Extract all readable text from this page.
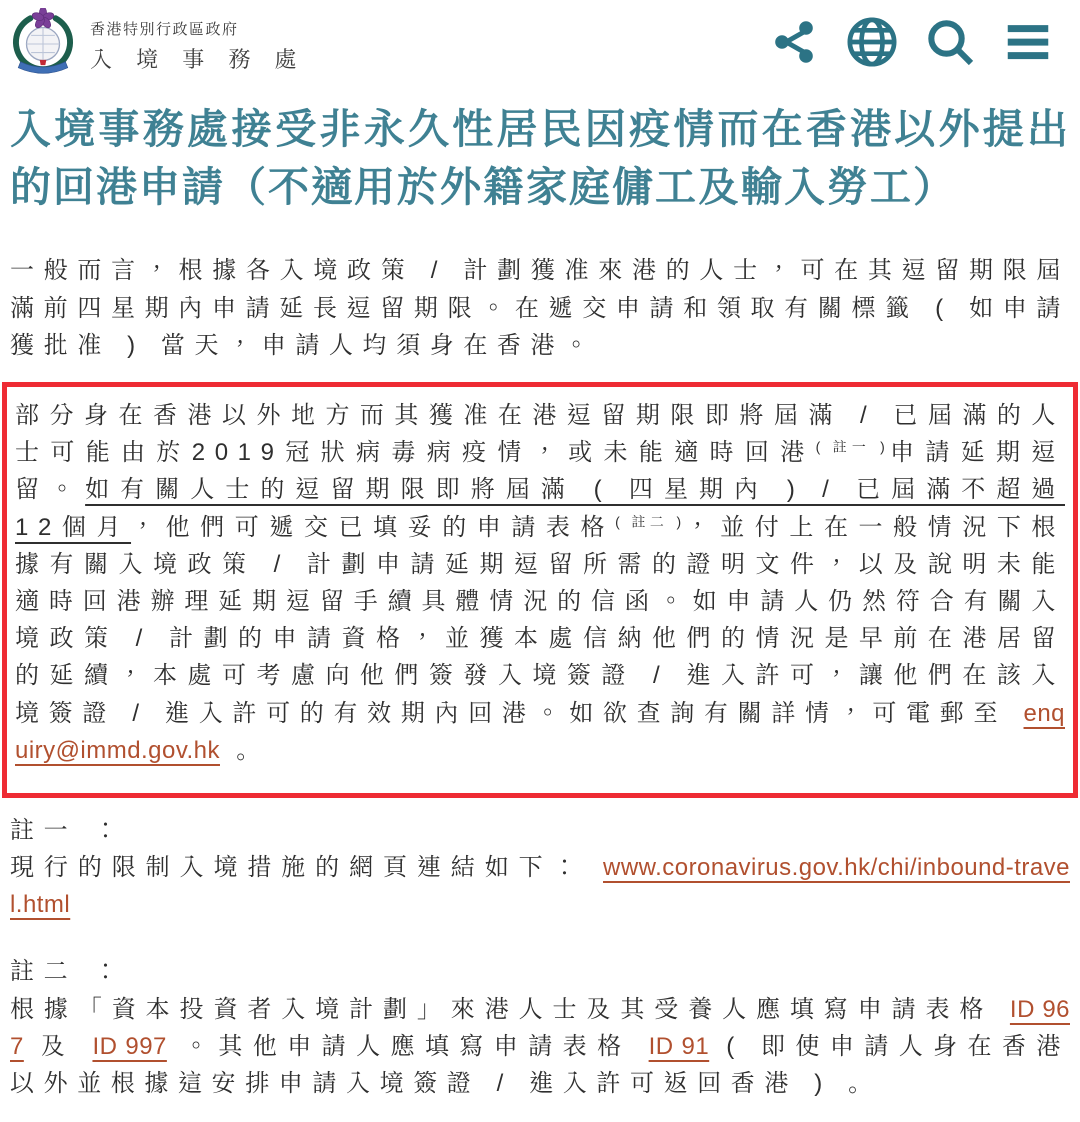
香港特別行政區政府
入 境 事 務 處
入境事務處接受非永久性居民因疫情而在香港以外提出的回港申請（不適用於外籍家庭傭工及輸入勞工）

一般而言，根據各入境政策 / 計劃獲准來港的人士，可在其逗留期限屆滿前四星期內申請延長逗留期限。在遞交申請和領取有關標籤 ( 如申請獲批准 ) 當天，申請人均須身在香港。

部分身在香港以外地方而其獲准在港逗留期限即將屆滿 / 已屆滿的人士可能由於2019冠狀病毒病疫情，或未能適時回港$^{( 註一 )}$申請延期逗留。如有關人士的逗留期限即將屆滿 ( 四星期內 ) / 已屆滿不超過12個月，他們可遞交已填妥的申請表格$^{( 註二 )}$，並付上在一般情況下根據有關入境政策 / 計劃申請延期逗留所需的證明文件，以及說明未能適時回港辦理延期逗留手續具體情況的信函。如申請人仍然符合有關入境政策 / 計劃的申請資格，並獲本處信納他們的情況是早前在港居留的延續，本處可考慮向他們簽發入境簽證 / 進入許可，讓他們在該入境簽證 / 進入許可的有效期內回港。如欲查詢有關詳情，可電郵至 enquiry@immd.gov.hk 。

註一 ：

現行的限制入境措施的網頁連結如下： www.coronavirus.gov.hk/chi/inbound-travel.html

註二 ：

根據「資本投資者入境計劃」來港人士及其受養人應填寫申請表格 ID 967 及 ID 997 。其他申請人應填寫申請表格 ID 91 ( 即使申請人身在香港以外並根據這安排申請入境簽證 / 進入許可返回香港 ) 。
